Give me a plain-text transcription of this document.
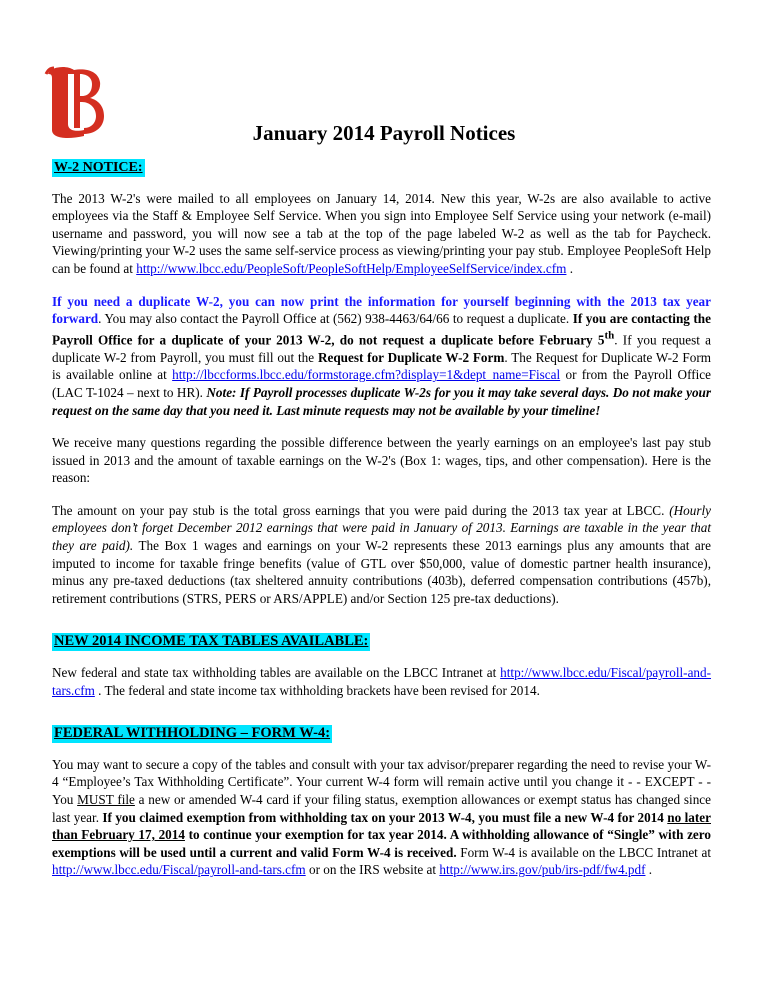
January 2014 Payroll Notices
W-2 NOTICE:

The 2013 W-2's were mailed to all employees on January 14, 2014. New this year, W-2s are also available to active employees via the Staff & Employee Self Service. When you sign into Employee Self Service using your network (e-mail) username and password, you will now see a tab at the top of the page labeled W-2 as well as the tab for Paycheck. Viewing/printing your W-2 uses the same self-service process as viewing/printing your pay stub. Employee PeopleSoft Help can be found at http://www.lbcc.edu/PeopleSoft/PeopleSoftHelp/EmployeeSelfService/index.cfm .

If you need a duplicate W-2, you can now print the information for yourself beginning with the 2013 tax year forward. You may also contact the Payroll Office at (562) 938-4463/64/66 to request a duplicate. If you are contacting the Payroll Office for a duplicate of your 2013 W-2, do not request a duplicate before February 5th. If you request a duplicate W-2 from Payroll, you must fill out the Request for Duplicate W-2 Form. The Request for Duplicate W-2 Form is available online at http://lbccforms.lbcc.edu/formstorage.cfm?display=1&dept_name=Fiscal or from the Payroll Office (LAC T-1024 – next to HR). Note: If Payroll processes duplicate W-2s for you it may take several days. Do not make your request on the same day that you need it. Last minute requests may not be available by your timeline!

We receive many questions regarding the possible difference between the yearly earnings on an employee's last pay stub issued in 2013 and the amount of taxable earnings on the W-2's (Box 1: wages, tips, and other compensation). Here is the reason:

The amount on your pay stub is the total gross earnings that you were paid during the 2013 tax year at LBCC. (Hourly employees don’t forget December 2012 earnings that were paid in January of 2013. Earnings are taxable in the year that they are paid). The Box 1 wages and earnings on your W-2 represents these 2013 earnings plus any amounts that are imputed to income for taxable fringe benefits (value of GTL over $50,000, value of domestic partner health insurance), minus any pre-taxed deductions (tax sheltered annuity contributions (403b), deferred compensation contributions (457b), retirement contributions (STRS, PERS or ARS/APPLE) and/or Section 125 pre-tax deductions).

NEW 2014 INCOME TAX TABLES AVAILABLE:

New federal and state tax withholding tables are available on the LBCC Intranet at http://www.lbcc.edu/Fiscal/payroll-and-tars.cfm . The federal and state income tax withholding brackets have been revised for 2014.

FEDERAL WITHHOLDING – FORM W-4:

You may want to secure a copy of the tables and consult with your tax advisor/preparer regarding the need to revise your W-4 “Employee’s Tax Withholding Certificate”. Your current W-4 form will remain active until you change it - - EXCEPT - - You MUST file a new or amended W-4 card if your filing status, exemption allowances or exempt status has changed since last year. If you claimed exemption from withholding tax on your 2013 W-4, you must file a new W-4 for 2014 no later than February 17, 2014 to continue your exemption for tax year 2014. A withholding allowance of “Single” with zero exemptions will be used until a current and valid Form W-4 is received. Form W-4 is available on the LBCC Intranet at http://www.lbcc.edu/Fiscal/payroll-and-tars.cfm or on the IRS website at http://www.irs.gov/pub/irs-pdf/fw4.pdf .
